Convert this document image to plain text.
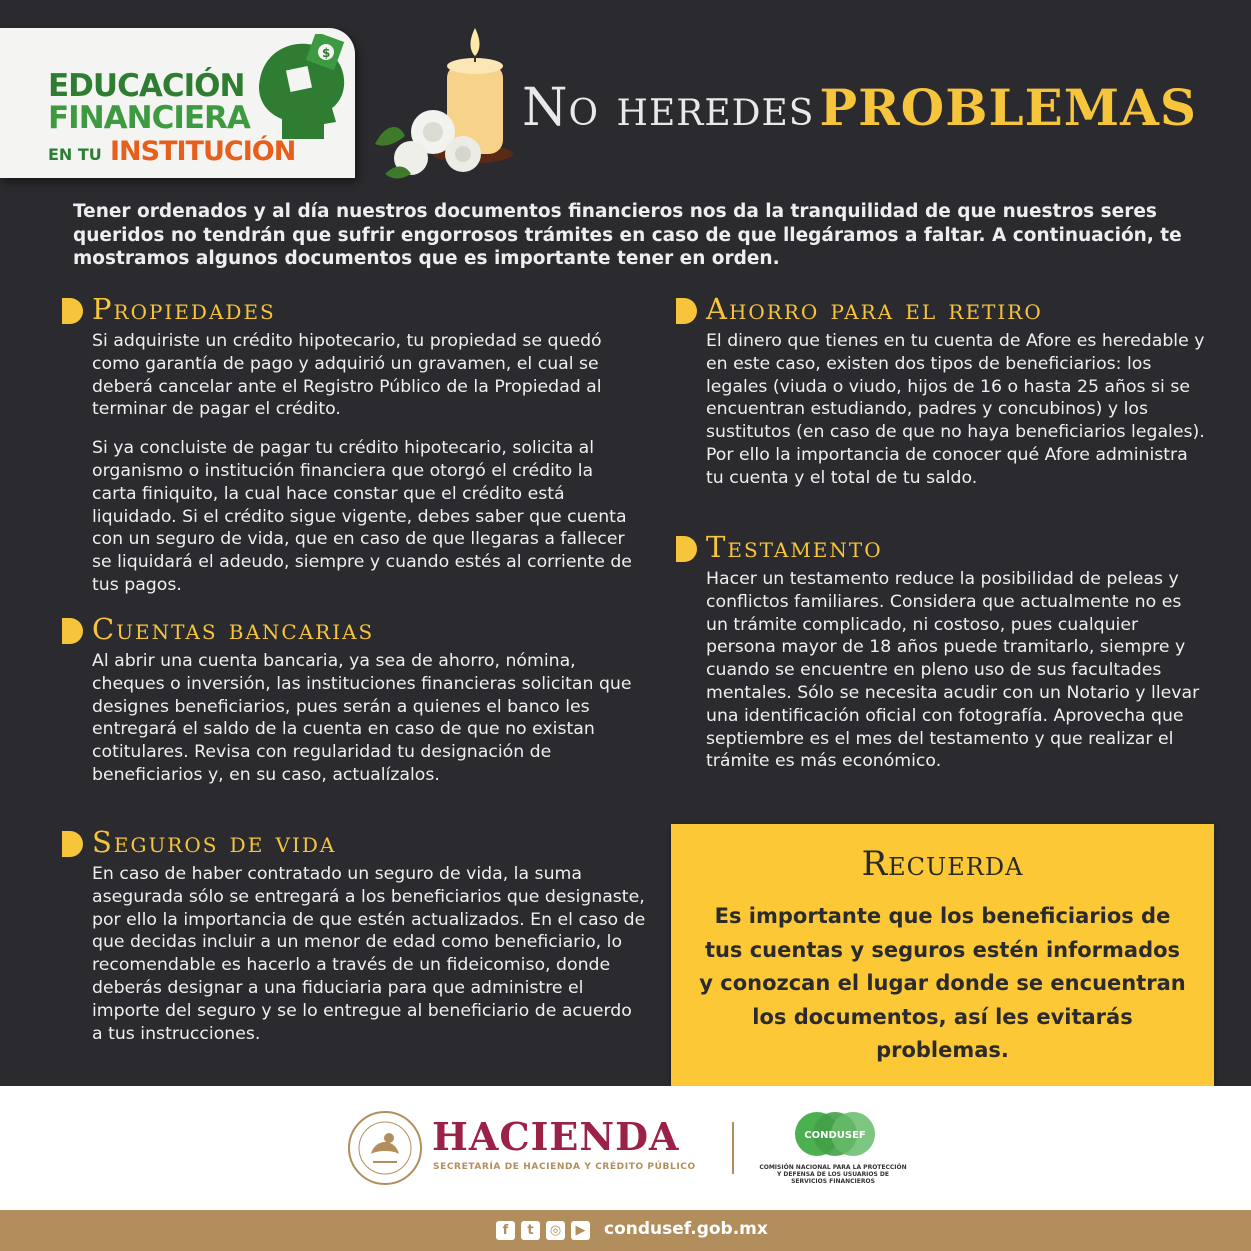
EDUCACIÓN
FINANCIERA
EN TU INSTITUCIÓN
$
No heredes PROBLEMAS
Tener ordenados y al día nuestros documentos financieros nos da la tranquilidad de que nuestros seres queridos no tendrán que sufrir engorrosos trámites en caso de que llegáramos a faltar. A continuación, te mostramos algunos documentos que es importante tener en orden.
Propiedades

Si adquiriste un crédito hipotecario, tu propiedad se quedó como garantía de pago y adquirió un gravamen, el cual se deberá cancelar ante el Registro Público de la Propiedad al terminar de pagar el crédito.

Si ya concluiste de pagar tu crédito hipotecario, solicita al organismo o institución financiera que otorgó el crédito la carta finiquito, la cual hace constar que el crédito está liquidado. Si el crédito sigue vigente, debes saber que cuenta con un seguro de vida, que en caso de que llegaras a fallecer se liquidará el adeudo, siempre y cuando estés al corriente de tus pagos.

Cuentas bancarias

Al abrir una cuenta bancaria, ya sea de ahorro, nómina, cheques o inversión, las instituciones financieras solicitan que designes beneficiarios, pues serán a quienes el banco les entregará el saldo de la cuenta en caso de que no existan cotitulares. Revisa con regularidad tu designación de beneficiarios y, en su caso, actualízalos.

Seguros de vida

En caso de haber contratado un seguro de vida, la suma asegurada sólo se entregará a los beneficiarios que designaste, por ello la importancia de que estén actualizados. En el caso de que decidas incluir a un menor de edad como beneficiario, lo recomendable es hacerlo a través de un fideicomiso, donde deberás designar a una fiduciaria para que administre el importe del seguro y se lo entregue al beneficiario de acuerdo a tus instrucciones.

Ahorro para el retiro

El dinero que tienes en tu cuenta de Afore es heredable y en este caso, existen dos tipos de beneficiarios: los legales (viuda o viudo, hijos de 16 o hasta 25 años si se encuentran estudiando, padres y concubinos) y los sustitutos (en caso de que no haya beneficiarios legales). Por ello la importancia de conocer qué Afore administra tu cuenta y el total de tu saldo.

Testamento

Hacer un testamento reduce la posibilidad de peleas y conflictos familiares. Considera que actualmente no es un trámite complicado, ni costoso, pues cualquier persona mayor de 18 años puede tramitarlo, siempre y cuando se encuentre en pleno uso de sus facultades mentales. Sólo se necesita acudir con un Notario y llevar una identificación oficial con fotografía. Aprovecha que septiembre es el mes del testamento y que realizar el trámite es más económico.

Recuerda
Es importante que los beneficiarios de tus cuentas y seguros estén informados y conozcan el lugar donde se encuentran los documentos, así les evitarás problemas.
HACIENDA
SECRETARÍA DE HACIENDA Y CRÉDITO PÚBLICO
CONDUSEF
COMISIÓN NACIONAL PARA LA PROTECCIÓN Y DEFENSA DE LOS USUARIOS DE SERVICIOS FINANCIEROS
f	t	◎	▶ condusef.gob.mx
